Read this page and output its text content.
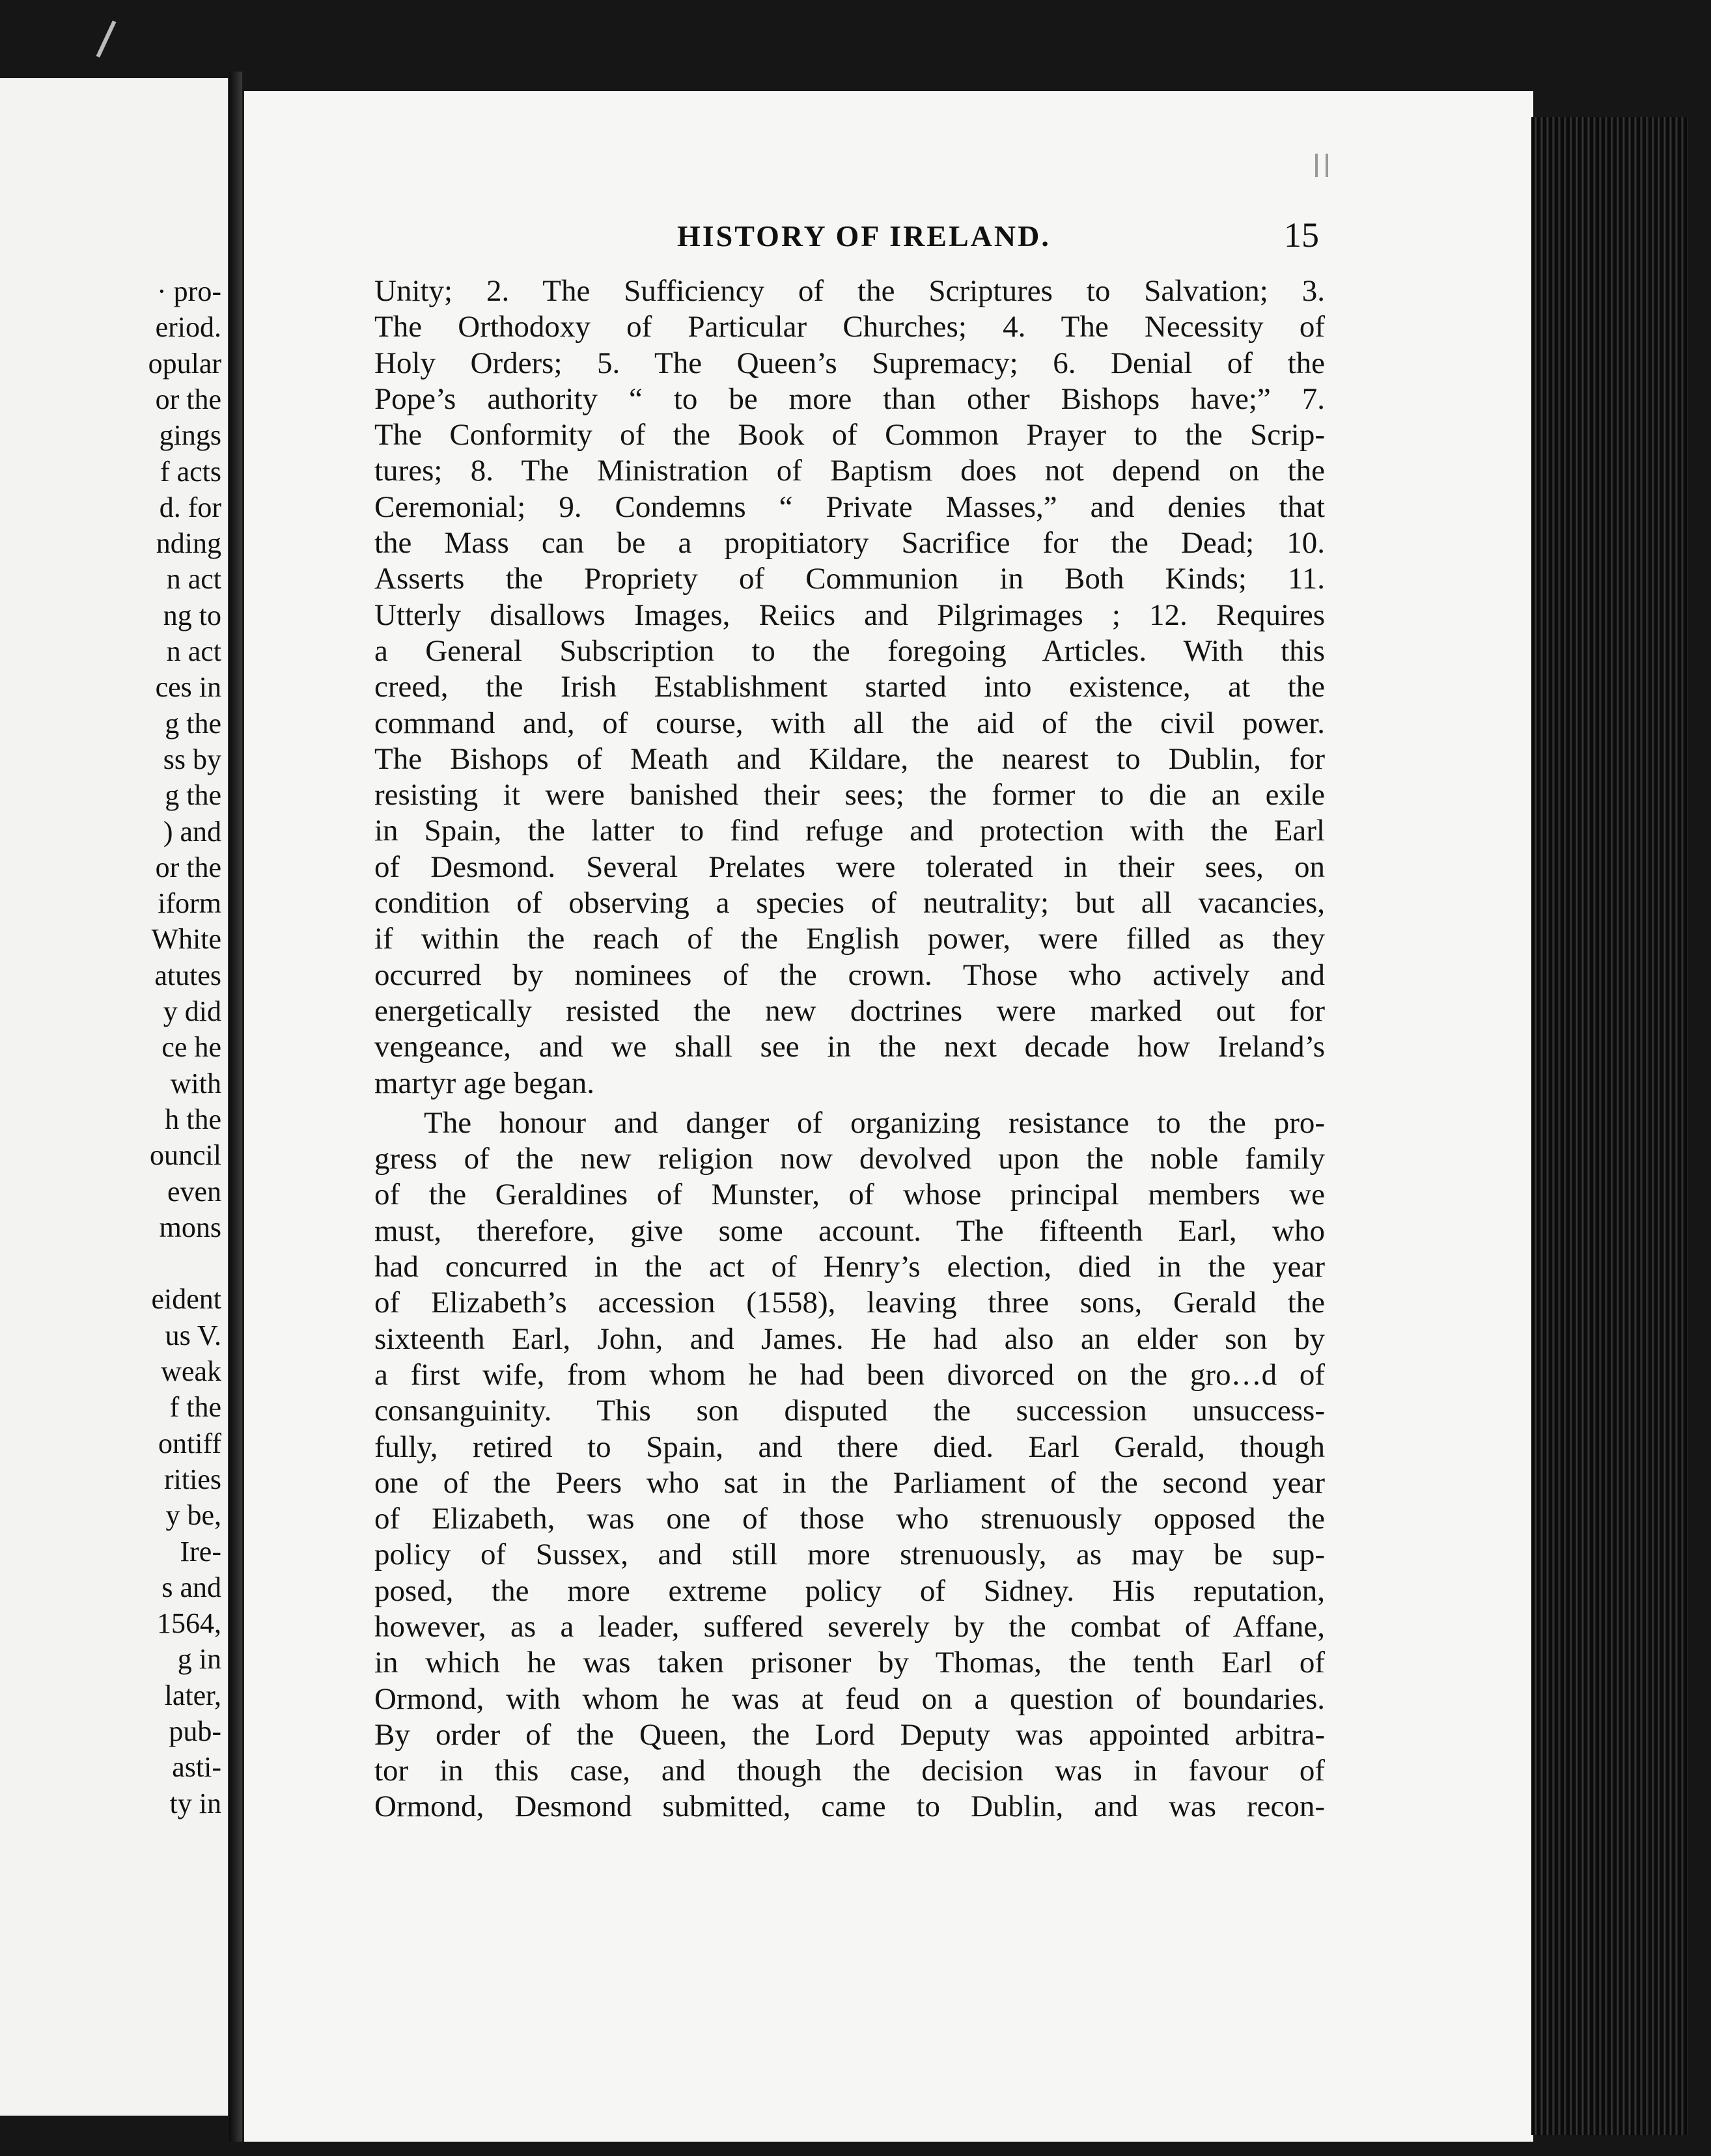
· pro-
eriod.
opular
or the
gings
f acts
d. for
nding
n act
ng to
n act
ces in
g the
ss by
g the
) and
or the
iform
White
atutes
y did
ce he
with
h the
ouncil
even
mons
eident
us V.
weak
f the
ontiff
rities
y be,
Ire-
s and
1564,
g in
later,
pub-
asti-
ty in
HISTORY OF IRELAND.	15
Unity; 2. The Sufficiency of the Scriptures to Salvation; 3.
The Orthodoxy of Particular Churches; 4. The Necessity of
Holy Orders; 5. The Queen’s Supremacy; 6. Denial of the
Pope’s authority “ to be more than other Bishops have;” 7.
The Conformity of the Book of Common Prayer to the Scrip-
tures; 8. The Ministration of Baptism does not depend on the
Ceremonial; 9. Condemns “ Private Masses,” and denies that
the Mass can be a propitiatory Sacrifice for the Dead; 10.
Asserts the Propriety of Communion in Both Kinds; 11.
Utterly disallows Images, Reiics and Pilgrimages ; 12. Requires
a General Subscription to the foregoing Articles. With this
creed, the Irish Establishment started into existence, at the
command and, of course, with all the aid of the civil power.
The Bishops of Meath and Kildare, the nearest to Dublin, for
resisting it were banished their sees; the former to die an exile
in Spain, the latter to find refuge and protection with the Earl
of Desmond. Several Prelates were tolerated in their sees, on
condition of observing a species of neutrality; but all vacancies,
if within the reach of the English power, were filled as they
occurred by nominees of the crown. Those who actively and
energetically resisted the new doctrines were marked out for
vengeance, and we shall see in the next decade how Ireland’s
martyr age began.
The honour and danger of organizing resistance to the pro-
gress of the new religion now devolved upon the noble family
of the Geraldines of Munster, of whose principal members we
must, therefore, give some account. The fifteenth Earl, who
had concurred in the act of Henry’s election, died in the year
of Elizabeth’s accession (1558), leaving three sons, Gerald the
sixteenth Earl, John, and James. He had also an elder son by
a first wife, from whom he had been divorced on the gro…d of
consanguinity. This son disputed the succession unsuccess-
fully, retired to Spain, and there died. Earl Gerald, though
one of the Peers who sat in the Parliament of the second year
of Elizabeth, was one of those who strenuously opposed the
policy of Sussex, and still more strenuously, as may be sup-
posed, the more extreme policy of Sidney. His reputation,
however, as a leader, suffered severely by the combat of Affane,
in which he was taken prisoner by Thomas, the tenth Earl of
Ormond, with whom he was at feud on a question of boundaries.
By order of the Queen, the Lord Deputy was appointed arbitra-
tor in this case, and though the decision was in favour of
Ormond, Desmond submitted, came to Dublin, and was recon-
